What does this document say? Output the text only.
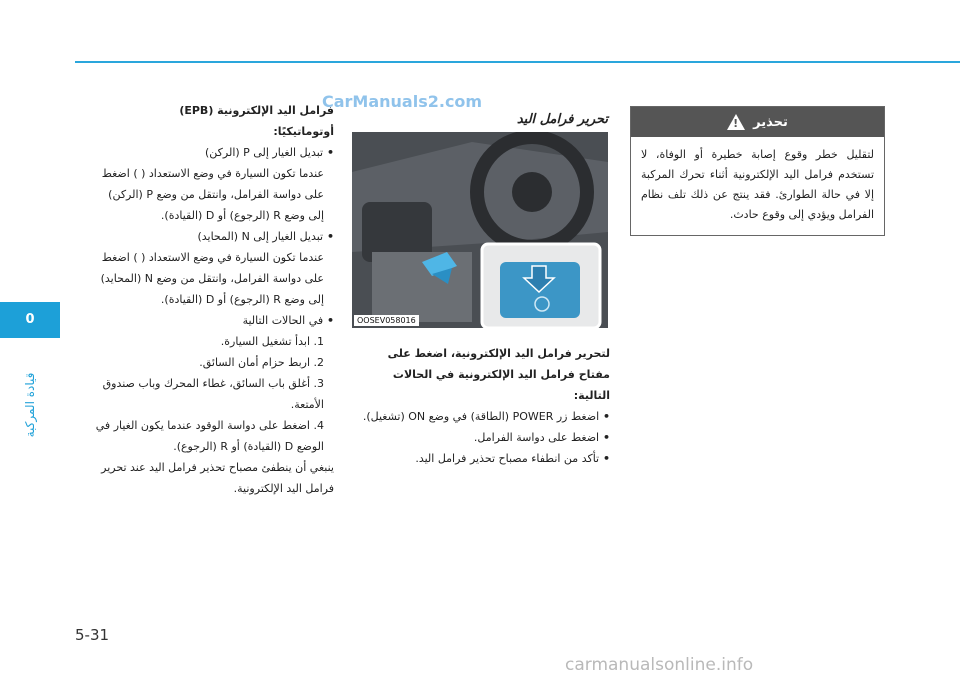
0
قيادة المركبة
5-31
CarManuals2.com
carmanualsonline.info
تحذير
!
لتقليل خطر وقوع إصابة خطيرة أو الوفاة، لا تستخدم فرامل اليد الإلكترونية أثناء تحرك المركبة إلا في حالة الطوارئ. فقد ينتج عن ذلك تلف نظام الفرامل ويؤدي إلى وقوع حادث.
تحرير فرامل اليد
OOSEV058016
لتحرير فرامل اليد الإلكترونية، اضغط على مفتاح فرامل اليد الإلكترونية في الحالات التالية:
• اضغط زر POWER (الطاقة) في وضع ON (تشغيل).
• اضغط على دواسة الفرامل.
• تأكد من انطفاء مصباح تحذير فرامل اليد.

فرامل اليد الإلكترونية (EPB)

أوتوماتيكيًا:

• تبديل الغيار إلى P (الركن)
عندما تكون السيارة في وضع الاستعداد ( ) اضغط على دواسة الفرامل، وانتقل من وضع P (الركن) إلى وضع R (الرجوع) أو D (القيادة).
• تبديل الغيار إلى N (المحايد)
عندما تكون السيارة في وضع الاستعداد ( ) اضغط على دواسة الفرامل، وانتقل من وضع N (المحايد) إلى وضع R (الرجوع) أو D (القيادة).
• في الحالات التالية
1. ابدأ تشغيل السيارة.
2. اربط حزام أمان السائق.
3. أغلق باب السائق، غطاء المحرك وباب صندوق الأمتعة.
4. اضغط على دواسة الوقود عندما يكون الغيار في الوضع D (القيادة) أو R (الرجوع).

ينبغي أن ينطفئ مصباح تحذير فرامل اليد عند تحرير فرامل اليد الإلكترونية.
